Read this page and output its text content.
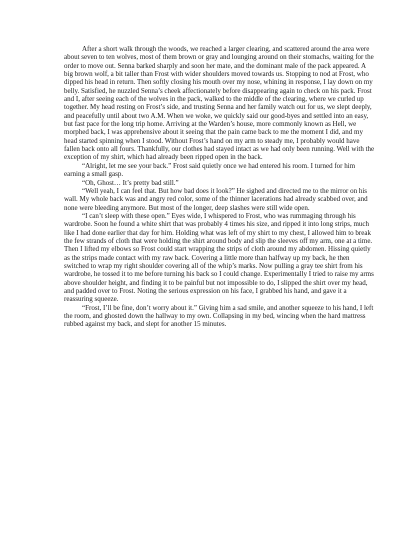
After a short walk through the woods, we reached a larger clearing, and scattered around the area were about seven to ten wolves, most of them brown or gray and lounging around on their stomachs, waiting for the order to move out. Senna barked sharply and soon her mate, and the dominant male of the pack appeared. A big brown wolf, a bit taller than Frost with wider shoulders moved towards us. Stopping to nod at Frost, who dipped his head in return. Then softly closing his mouth over my nose, whining in response, I lay down on my belly. Satisfied, he nuzzled Senna’s cheek affectionately before disappearing again to check on his pack. Frost and I, after seeing each of the wolves in the pack, walked to the middle of the clearing, where we curled up together. My head resting on Frost’s side, and trusting Senna and her family watch out for us, we slept deeply, and peacefully until about two A.M. When we woke, we quickly said our good-byes and settled into an easy, but fast pace for the long trip home. Arriving at the Warden’s house, more commonly known as Hell, we morphed back, I was apprehensive about it seeing that the pain came back to me the moment I did, and my head started spinning when I stood. Without Frost’s hand on my arm to steady me, I probably would have fallen back onto all fours. Thankfully, our clothes had stayed intact as we had only been running. Well with the exception of my shirt, which had already been ripped open in the back.

“Alright, let me see your back.” Frost said quietly once we had entered his room. I turned for him earning a small gasp.

“Oh, Ghost… It’s pretty bad still.”

“Well yeah, I can feel that. But how bad does it look?” He sighed and directed me to the mirror on his wall. My whole back was and angry red color, some of the thinner lacerations had already scabbed over, and none were bleeding anymore. But most of the longer, deep slashes were still wide open.

“I can’t sleep with these open.” Eyes wide, I whispered to Frost, who was rummaging through his wardrobe. Soon he found a white shirt that was probably 4 times his size, and ripped it into long strips, much like I had done earlier that day for him. Holding what was left of my shirt to my chest, I allowed him to break the few strands of cloth that were holding the shirt around body and slip the sleeves off my arm, one at a time. Then I lifted my elbows so Frost could start wrapping the strips of cloth around my abdomen. Hissing quietly as the strips made contact with my raw back. Covering a little more than halfway up my back, he then switched to wrap my right shoulder covering all of the whip’s marks. Now pulling a gray tee shirt from his wardrobe, he tossed it to me before turning his back so I could change. Experimentally I tried to raise my arms above shoulder height, and finding it to be painful but not impossible to do, I slipped the shirt over my head, and padded over to Frost. Noting the serious expression on his face, I grabbed his hand, and gave it a reassuring squeeze.

“Frost, I’ll be fine, don’t worry about it.” Giving him a sad smile, and another squeeze to his hand, I left the room, and ghosted down the hallway to my own. Collapsing in my bed, wincing when the hard mattress rubbed against my back, and slept for another 15 minutes.
